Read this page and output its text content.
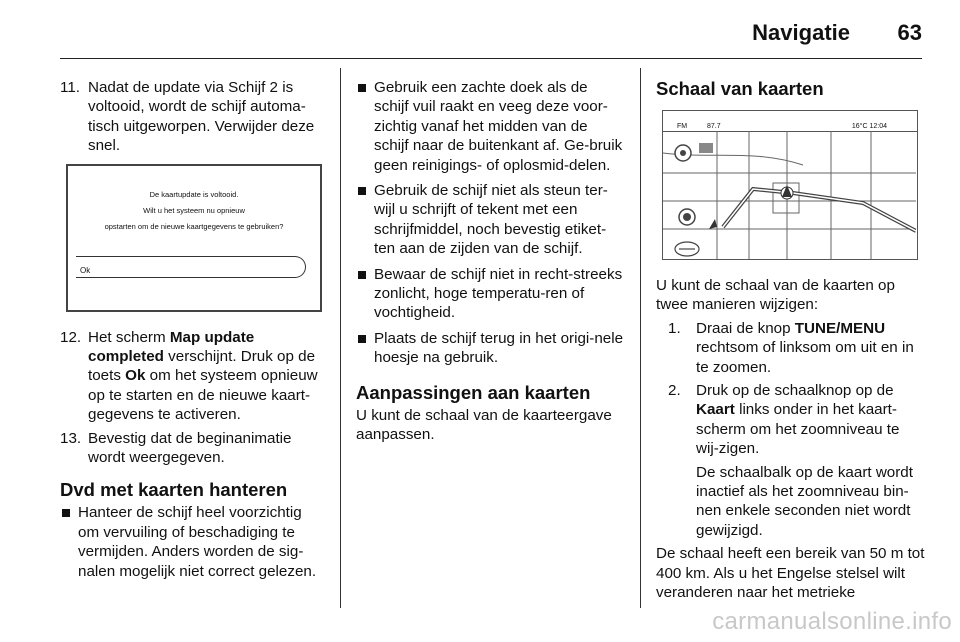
Navigatie 63
11. Nadat de update via Schijf 2 is voltooid, wordt de schijf automa-tisch uitgeworpen. Verwijder deze snel.
De kaartupdate is voltooid.
Wilt u het systeem nu opnieuw
opstarten om de nieuwe kaartgegevens te gebruiken?
Ok
12. Het scherm Map update completed verschijnt. Druk op de toets Ok om het systeem opnieuw op te starten en de nieuwe kaart-gegevens te activeren.
13. Bevestig dat de beginanimatie wordt weergegeven.
Dvd met kaarten hanteren
Hanteer de schijf heel voorzichtig om vervuiling of beschadiging te vermijden. Anders worden de sig-nalen mogelijk niet correct gelezen.
Gebruik een zachte doek als de schijf vuil raakt en veeg deze voor-zichtig vanaf het midden van de schijf naar de buitenkant af. Ge-bruik geen reinigings- of oplosmid-delen.
Gebruik de schijf niet als steun ter-wijl u schrijft of tekent met een schrijfmiddel, noch bevestig etiket-ten aan de zijden van de schijf.
Bewaar de schijf niet in recht-streeks zonlicht, hoge temperatu-ren of vochtigheid.
Plaats de schijf terug in het origi-nele hoesje na gebruik.
Aanpassingen aan kaarten
U kunt de schaal van de kaarteergave aanpassen.
Schaal van kaarten
FM	87.7	16°C 12:04
U kunt de schaal van de kaarten op twee manieren wijzigen:
1. Draai de knop TUNE/MENU rechtsom of linksom om uit en in te zoomen.
2. Druk op de schaalknop op de Kaart links onder in het kaart-scherm om het zoomniveau te wij-zigen.
De schaalbalk op de kaart wordt inactief als het zoomniveau bin-nen enkele seconden niet wordt gewijzigd.
De schaal heeft een bereik van 50 m tot 400 km. Als u het Engelse stelsel wilt veranderen naar het metrieke
carmanualsonline.info
